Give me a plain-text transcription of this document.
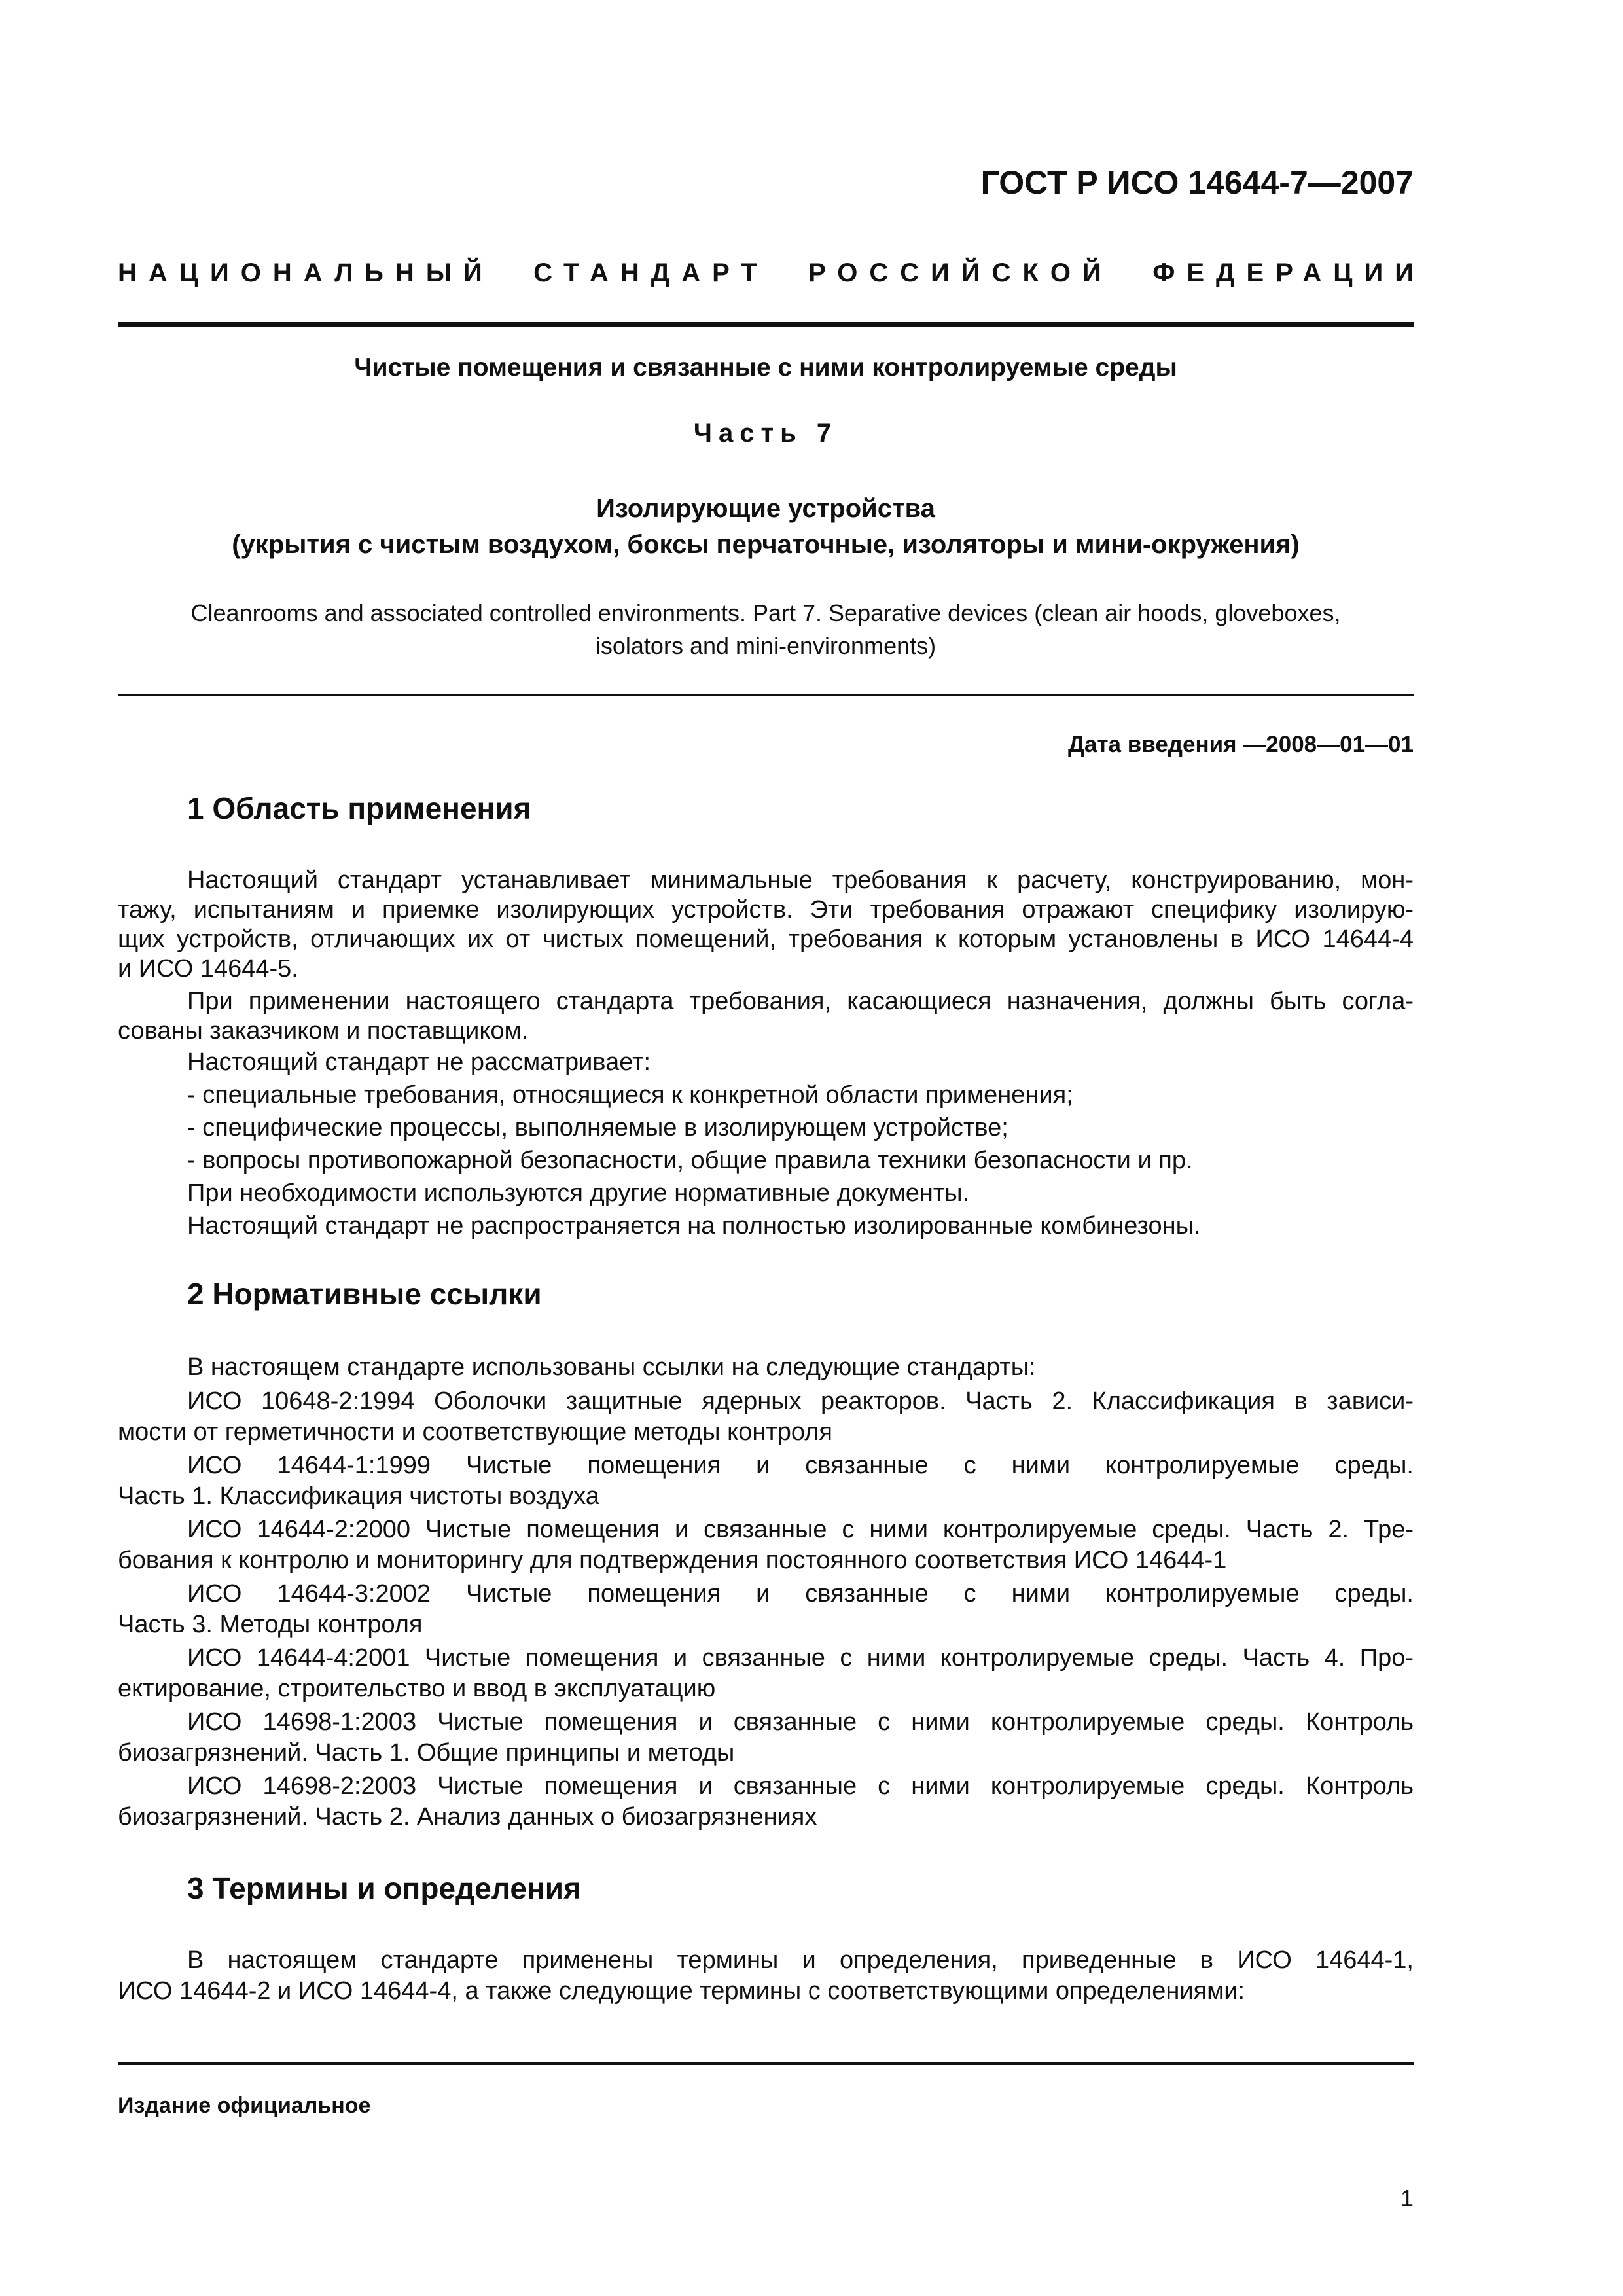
ГОСТ Р ИСО 14644-7—2007
НАЦИОНАЛЬНЫЙ СТАНДАРТ РОССИЙСКОЙ ФЕДЕРАЦИИ
Чистые помещения и связанные с ними контролируемые среды
Часть 7
Изолирующие устройства
(укрытия с чистым воздухом, боксы перчаточные, изоляторы и мини-окружения)
Cleanrooms and associated controlled environments. Part 7. Separative devices (clean air hoods, gloveboxes,
isolators and mini-environments)
Дата введения —2008—01—01
1 Область применения
Настоящий стандарт устанавливает минимальные требования к расчету, конструированию, мон-
тажу, испытаниям и приемке изолирующих устройств. Эти требования отражают специфику изолирую-
щих устройств, отличающих их от чистых помещений, требования к которым установлены в ИСО 14644-4
и ИСО 14644-5.
При применении настоящего стандарта требования, касающиеся назначения, должны быть согла-
сованы заказчиком и поставщиком.
Настоящий стандарт не рассматривает:
- специальные требования, относящиеся к конкретной области применения;
- специфические процессы, выполняемые в изолирующем устройстве;
- вопросы противопожарной безопасности, общие правила техники безопасности и пр.
При необходимости используются другие нормативные документы.
Настоящий стандарт не распространяется на полностью изолированные комбинезоны.
2 Нормативные ссылки
В настоящем стандарте использованы ссылки на следующие стандарты:
ИСО 10648-2:1994 Оболочки защитные ядерных реакторов. Часть 2. Классификация в зависи-
мости от герметичности и соответствующие методы контроля
ИСО 14644-1:1999 Чистые помещения и связанные с ними контролируемые среды.
Часть 1. Классификация чистоты воздуха
ИСО 14644-2:2000 Чистые помещения и связанные с ними контролируемые среды. Часть 2. Тре-
бования к контролю и мониторингу для подтверждения постоянного соответствия ИСО 14644-1
ИСО 14644-3:2002 Чистые помещения и связанные с ними контролируемые среды.
Часть 3. Методы контроля
ИСО 14644-4:2001 Чистые помещения и связанные с ними контролируемые среды. Часть 4. Про-
ектирование, строительство и ввод в эксплуатацию
ИСО 14698-1:2003 Чистые помещения и связанные с ними контролируемые среды. Контроль
биозагрязнений. Часть 1. Общие принципы и методы
ИСО 14698-2:2003 Чистые помещения и связанные с ними контролируемые среды. Контроль
биозагрязнений. Часть 2. Анализ данных о биозагрязнениях
3 Термины и определения
В настоящем стандарте применены термины и определения, приведенные в ИСО 14644-1,
ИСО 14644-2 и ИСО 14644-4, а также следующие термины с соответствующими определениями:
Издание официальное
1
